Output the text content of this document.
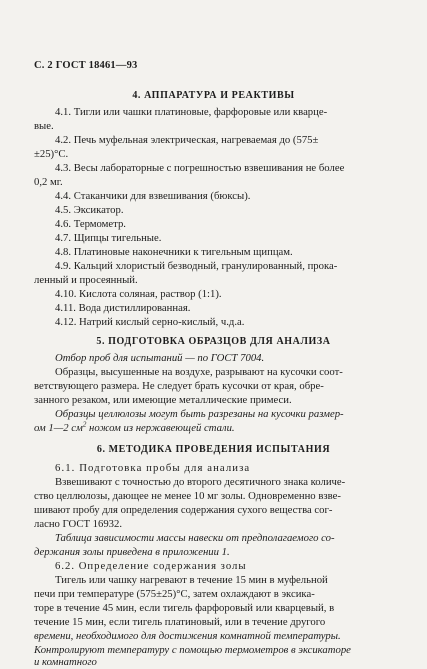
С. 2 ГОСТ 18461—93
4. АППАРАТУРА И РЕАКТИВЫ
4.1. Тигли или чашки платиновые, фарфоровые или кварце-
вые.
4.2. Печь муфельная электрическая, нагреваемая до (575±
±25)°С.
4.3. Весы лабораторные с погрешностью взвешивания не более
0,2 мг.
4.4. Стаканчики для взвешивания (бюксы).
4.5. Эксикатор.
4.6. Термометр.
4.7. Щипцы тигельные.
4.8. Платиновые наконечники к тигельным щипцам.
4.9. Кальций хлористый безводный, гранулированный, прока-
ленный и просеянный.
4.10. Кислота соляная, раствор (1:1).
4.11. Вода дистиллированная.
4.12. Натрий кислый серно-кислый, ч.д.а.
5. ПОДГОТОВКА ОБРАЗЦОВ ДЛЯ АНАЛИЗА
Отбор проб для испытаний — по ГОСТ 7004.
Образцы, высушенные на воздухе, разрывают на кусочки соот-
ветствующего размера. Не следует брать кусочки от края, обре-
занного резаком, или имеющие металлические примеси.
Образцы целлюлозы могут быть разрезаны на кусочки размер-
ом 1—2 $см^2$ ножом из нержавеющей стали.
6. МЕТОДИКА ПРОВЕДЕНИЯ ИСПЫТАНИЯ
6.1. Подготовка пробы для анализа
Взвешивают с точностью до второго десятичного знака количе-
ство целлюлозы, дающее не менее 10 мг золы. Одновременно взве-
шивают пробу для определения содержания сухого вещества сог-
ласно ГОСТ 16932.
Таблица зависимости массы навески от предполагаемого со-
держания золы приведена в приложении 1.
6.2. Определение содержания золы
Тигель или чашку нагревают в течение 15 мин в муфельной
печи при температуре (575±25)°С, затем охлаждают в эксика-
торе в течение 45 мин, если тигель фарфоровый или кварцевый, в
течение 15 мин, если тигель платиновый, или в течение другого
времени, необходимого для достижения комнатной температуры.
Контролируют температуру с помощью термометров в эксикаторе
и комнатного
